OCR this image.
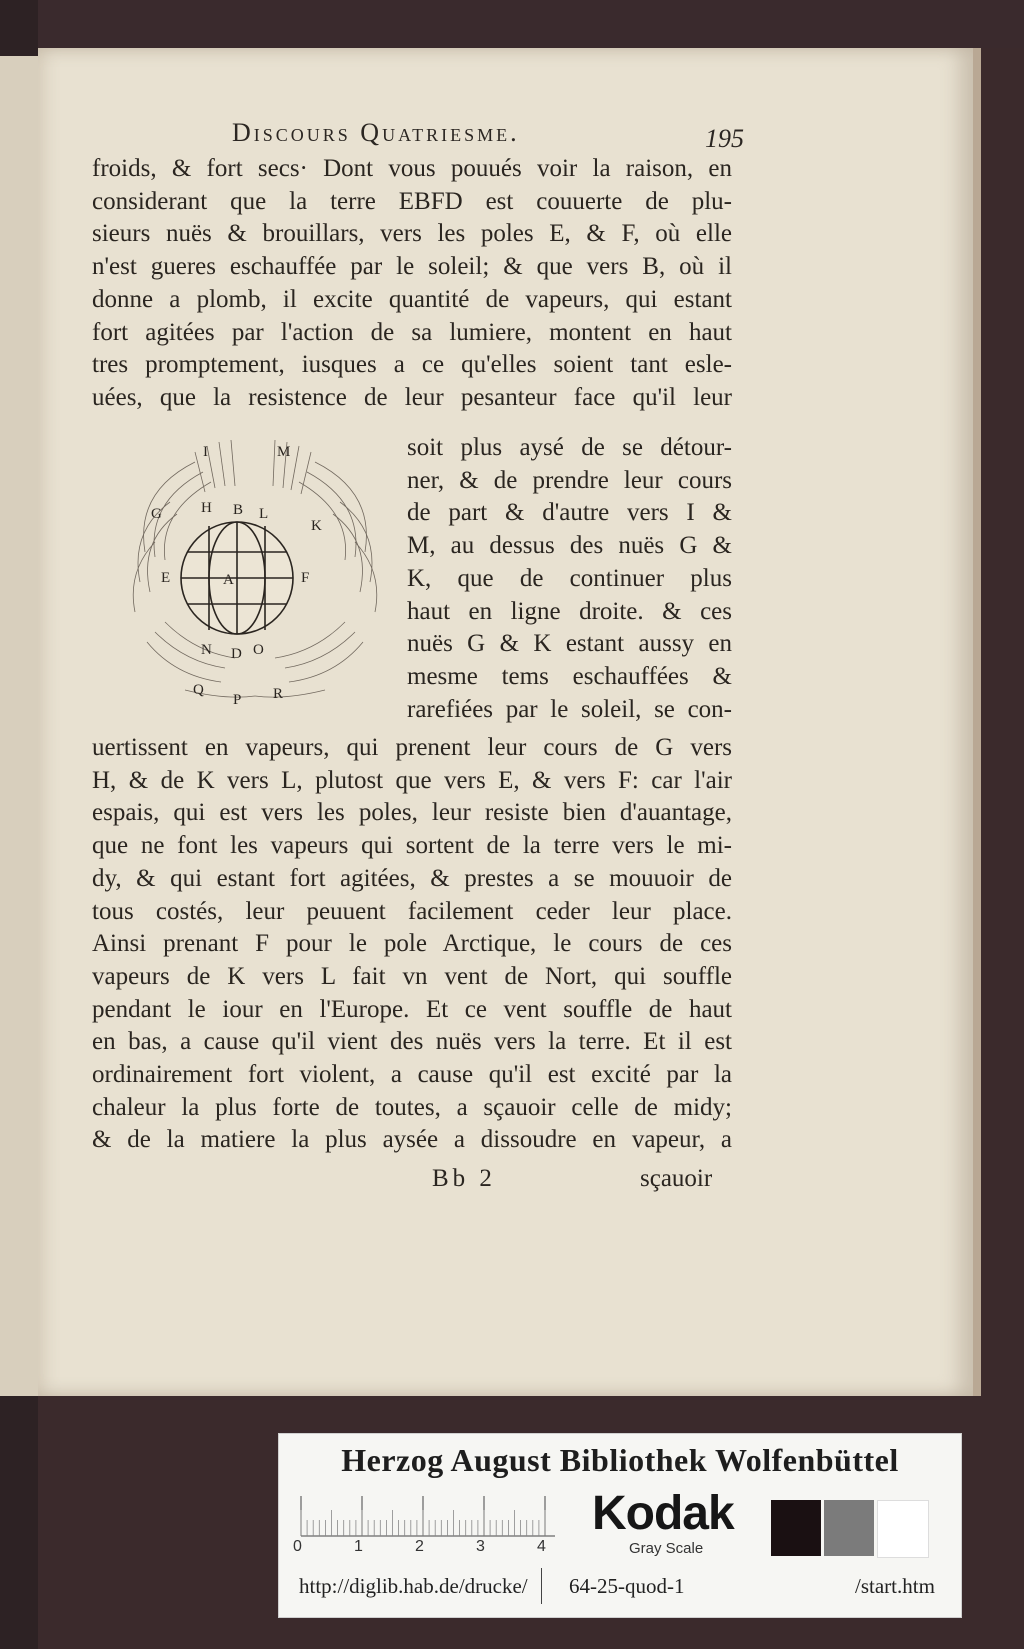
Discours Quatriesme.	195
froids, & fort secs· Dont vous pouués voir la raison, en
considerant que la terre EBFD est couuerte de plu-
sieurs nuës & brouillars, vers les poles E, & F, où elle
n'est gueres eschauffée par le soleil; & que vers B, où il
donne a plomb, il excite quantité de vapeurs, qui estant
fort agitées par l'action de sa lumiere, montent en haut
tres promptement, iusques a ce qu'elles soient tant esle-
uées, que la resistence de leur pesanteur face qu'il leur
soit plus aysé de se détour-
ner, & de prendre leur cours
de part & d'autre vers I &
M, au dessus des nuës G &
K, que de continuer plus
haut en ligne droite. & ces
nuës G & K estant aussy en
mesme tems eschauffées &
rarefiées par le soleil, se con-
I	M
G	H B L
K
E	A	F
N D O
Q
P R
uertissent en vapeurs, qui prenent leur cours de G vers
H, & de K vers L, plutost que vers E, & vers F: car l'air
espais, qui est vers les poles, leur resiste bien d'auantage,
que ne font les vapeurs qui sortent de la terre vers le mi-
dy, & qui estant fort agitées, & prestes a se mouuoir de
tous costés, leur peuuent facilement ceder leur place.
Ainsi prenant F pour le pole Arctique, le cours de ces
vapeurs de K vers L fait vn vent de Nort, qui souffle
pendant le iour en l'Europe. Et ce vent souffle de haut
en bas, a cause qu'il vient des nuës vers la terre. Et il est
ordinairement fort violent, a cause qu'il est excité par la
chaleur la plus forte de toutes, a sçauoir celle de midy;
& de la matiere la plus aysée a dissoudre en vapeur, a
Bb 2	sçauoir
Herzog August Bibliothek Wolfenbüttel
0	1	2	3	4
Kodak
Gray Scale
http://diglib.hab.de/drucke/ 64-25-quod-1	/start.htm
